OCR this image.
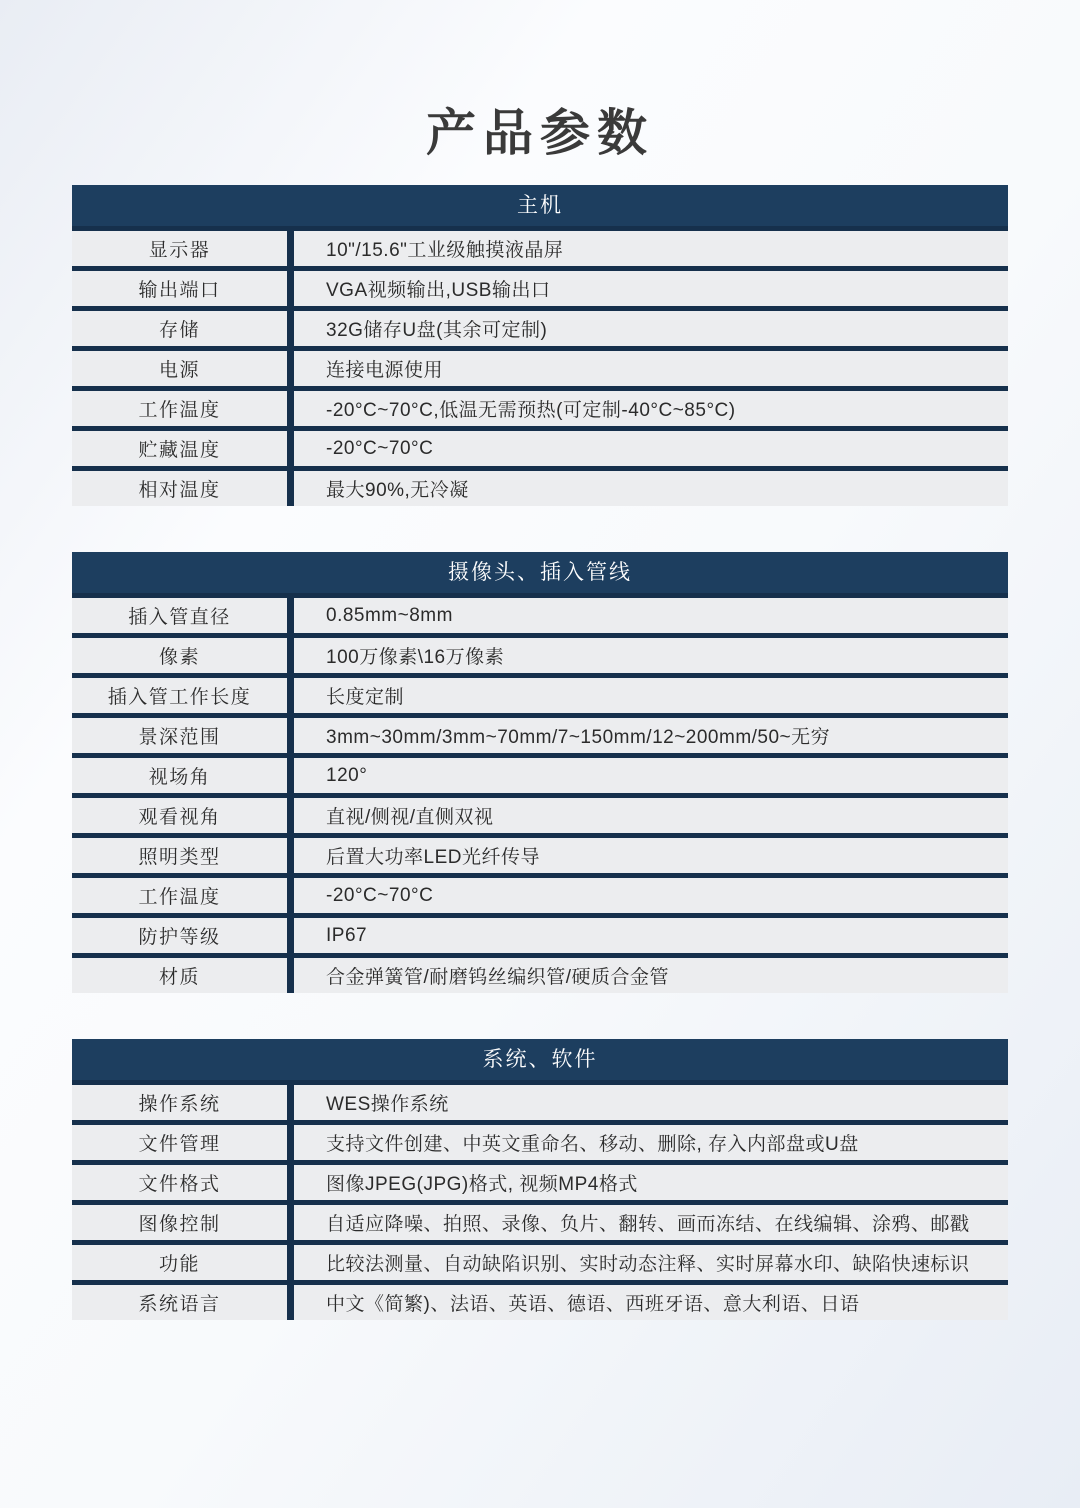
产品参数
主机
显示器	10"/15.6"工业级触摸液晶屏
输出端口	VGA视频输出,USB输出口
存储	32G储存U盘(其余可定制)
电源	连接电源使用
工作温度	-20°C~70°C,低温无需预热(可定制-40°C~85°C)
贮藏温度	-20°C~70°C
相对温度	最大90%,无冷凝
摄像头、插入管线
插入管直径	0.85mm~8mm
像素	100万像素\16万像素
插入管工作长度	长度定制
景深范围	3mm~30mm/3mm~70mm/7~150mm/12~200mm/50~无穷
视场角	120°
观看视角	直视/侧视/直侧双视
照明类型	后置大功率LED光纤传导
工作温度	-20°C~70°C
防护等级	IP67
材质	合金弹簧管/耐磨钨丝编织管/硬质合金管
系统、软件
操作系统	WES操作系统
文件管理	支持文件创建、中英文重命名、移动、删除, 存入内部盘或U盘
文件格式	图像JPEG(JPG)格式, 视频MP4格式
图像控制	自适应降噪、拍照、录像、负片、翻转、画而冻结、在线编辑、涂鸦、邮戳
功能	比较法测量、自动缺陷识别、实时动态注释、实时屏幕水印、缺陷快速标识
系统语言	中文《简繁)、法语、英语、德语、西班牙语、意大利语、日语
